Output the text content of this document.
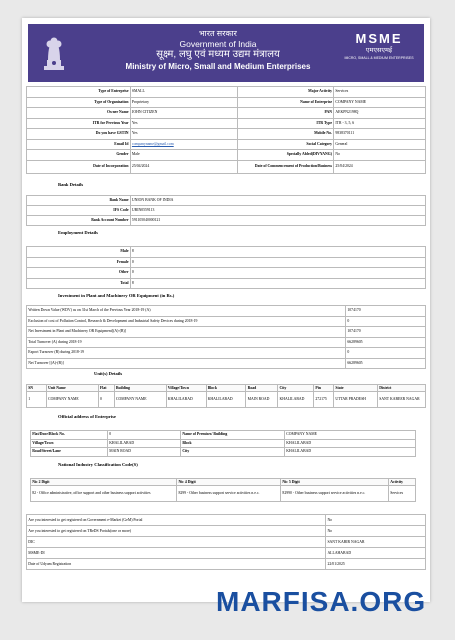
भारत सरकार
Government of India
सूक्ष्म, लघु एवं मध्यम उद्यम मंत्रालय
Ministry of Micro, Small and Medium Enterprises
MSME
एमएसएमई
MICRO, SMALL & MEDIUM ENTERPRISES
Type of Enterprise	SMALL	Major Activity	Services
Type of Organisation	Proprietary	Name of Enterprise	COMPANY NAME
Owner Name	JOHN CITIZEN	PAN	AEKPN2198Q
ITR for Previous Year	Yes	ITR Type	ITR - 3, 5, 6
Do you have GSTIN	Yes	Mobile No.	9838370111
Email Id	companyname@gmail.com	Social Category	General
Gender	Male	Specially Abled(DIVYANG)	No
Date of Incorporation	25/04/2024	Date of Commencement of Production/Business	25/04/2024
Bank Details
Bank Name	UNION BANK OF INDIA
IFS Code	UBIN0559113
Bank Account Number	591105040000121
Employment Details
Male	8
Female	0
Other	0
Total	8
Investment in Plant and Machinery OR Equipment (in Rs.)
Written Down Value (WDV) as on 31st March of the Previous Year 2018-19 (A)	1074170
Exclusion of cost of Pollution Control, Research & Development and Industrial Safety Devices during 2018-19	0
Net Investment in Plant and Machinery OR Equipment[(A)-(B)]	1074170
Total Turnover (A) during 2018-19	66289605
Export Turnover (B) during 2018-19	0
Net Turnover [(A)-(B)]	66289605
Unit(s) Details
SN	Unit Name	Flat	Building	Village/Town	Block	Road	City	Pin	State	District
1	COMPANY NAME	0	COMPANY NAME	KHALILABAD	KHALILABAD	MAIN ROAD	KHALILABAD	272175	UTTAR PRADESH	SANT KABEER NAGAR
Official address of Enterprise
Flat/Door/Block No.	0	Name of Premises/ Building	COMPANY NAME
Village/Town	KHALILABAD	Block	KHALILABAD
Road/Street/Lane	MAIN ROAD	City	KHALILABAD
National Industry Classification Code(S)
Nic 2 Digit	Nic 4 Digit	Nic 5 Digit	Activity
82 - Office administrative, office support and other business support activities	8299 - Other business support service activities n.e.c.	82990 - Other business support service activities n.e.c.	Services
Are you interested to get registered on Government e-Market (GeM) Portal	No
Are you interested to get registered on TReDS Portals(one or more)	No
DIC	SANT KABIR NAGAR
MSME-DI	ALLAHABAD
Date of Udyam Registration	22/01/2025
MARFISA.ORG
